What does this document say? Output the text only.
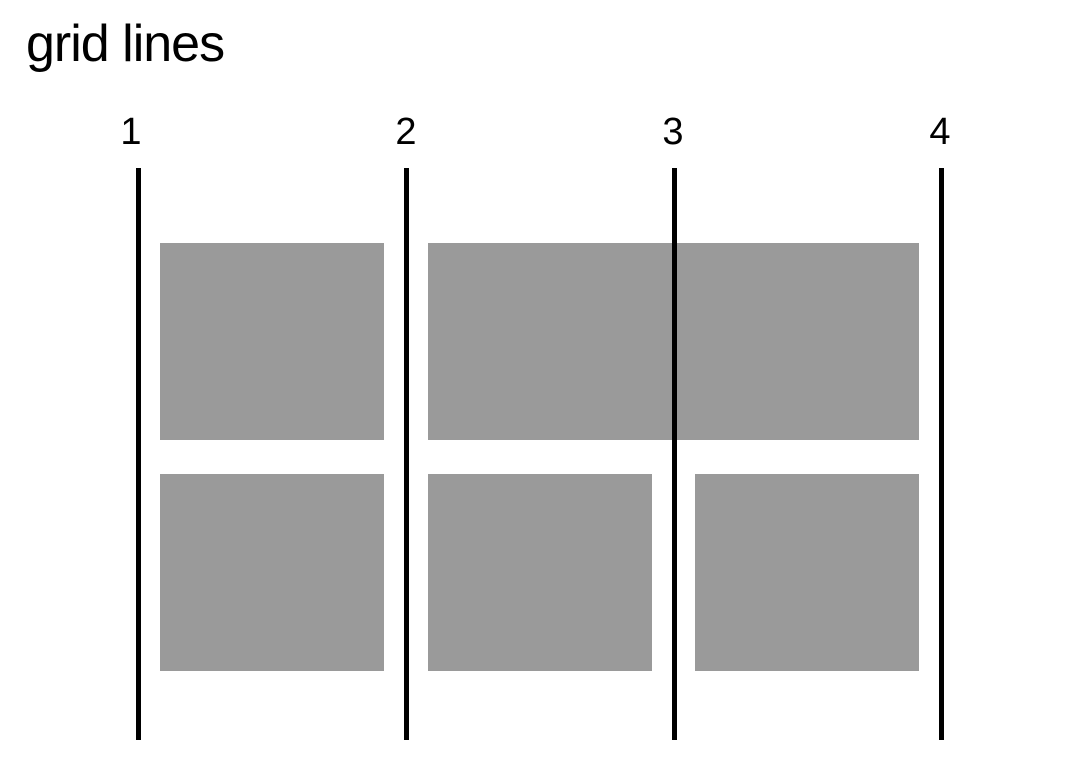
grid lines
1	2	3	4
